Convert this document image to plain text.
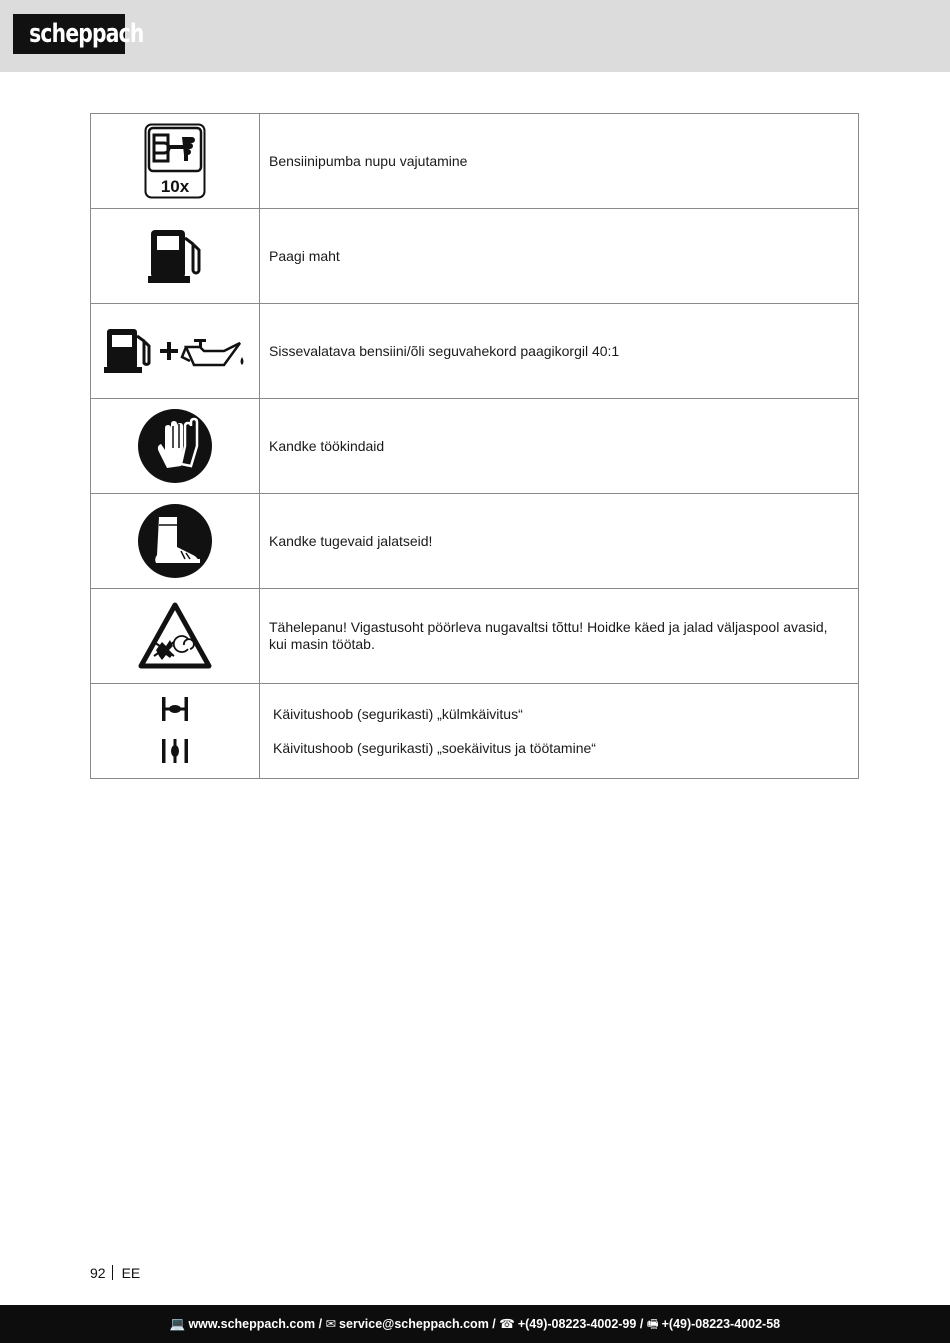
scheppach
10x	Bensiinipumba nupu vajutamine

	Paagi maht

	Sissevalatava bensiini/õli seguvahekord paagikorgil 40:1

	Kandke töökindaid

	Kandke tugevaid jalatseid!

	Tähelepanu! Vigastusoht pöörleva nugavaltsi tõttu! Hoidke käed ja jalad väljaspool avasid, kui masin töötab.

Käivitushoob (segurikasti) „külmkäivitus“

Käivitushoob (segurikasti) „soekäivitus ja töötamine“

92 EE
💻 www.scheppach.com / ✉ service@scheppach.com / ☎ +(49)-08223-4002-99 / 🖷 +(49)-08223-4002-58
